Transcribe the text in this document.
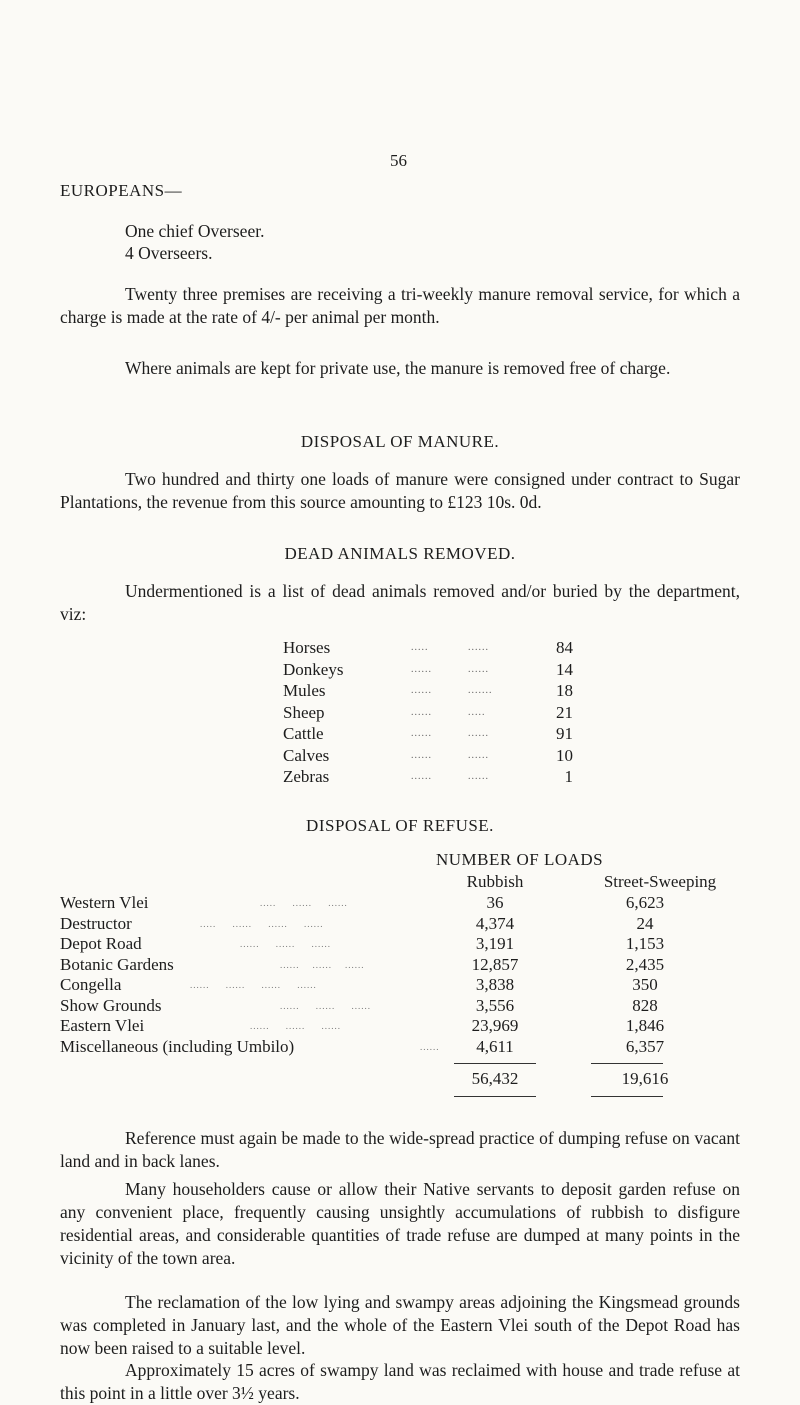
56
EUROPEANS—
One chief Overseer.
4 Overseers.

Twenty three premises are receiving a tri-weekly manure removal service, for which a charge is made at the rate of 4/- per animal per month.

Where animals are kept for private use, the manure is removed free of charge.

DISPOSAL OF MANURE.

Two hundred and thirty one loads of manure were consigned under contract to Sugar Plantations, the revenue from this source amounting to £123 10s. 0d.

DEAD ANIMALS REMOVED.

Undermentioned is a list of dead animals removed and/or buried by the department, viz:

Horses	.....	......	84
Donkeys	......	......	14
Mules	......	.......	18
Sheep	......	.....	21
Cattle	......	......	91
Calves	......	......	10
Zebras	......	......	1
DISPOSAL OF REFUSE.
NUMBER OF LOADS
Rubbish	Street-Sweeping
Western Vlei	.....     ......     ......	36	6,623
Destructor	.....     ......     ......     ......	4,374	24
Depot Road	......     ......     ......	3,191	1,153
Botanic Gardens	......    ......    ......	12,857	2,435
Congella	......     ......     ......     ......	3,838	350
Show Grounds	......     ......     ......	3,556	828
Eastern Vlei	......     ......     ......	23,969	1,846
Miscellaneous (including Umbilo)	......	4,611	6,357
56,432	19,616

Reference must again be made to the wide-spread practice of dumping refuse on vacant land and in back lanes.

Many householders cause or allow their Native servants to deposit garden refuse on any convenient place, frequently causing unsightly accumulations of rubbish to disfigure residential areas, and considerable quantities of trade refuse are dumped at many points in the vicinity of the town area.

The reclamation of the low lying and swampy areas adjoining the Kingsmead grounds was completed in January last, and the whole of the Eastern Vlei south of the Depot Road has now been raised to a suitable level.

Approximately 15 acres of swampy land was reclaimed with house and trade refuse at this point in a little over 3½ years.
